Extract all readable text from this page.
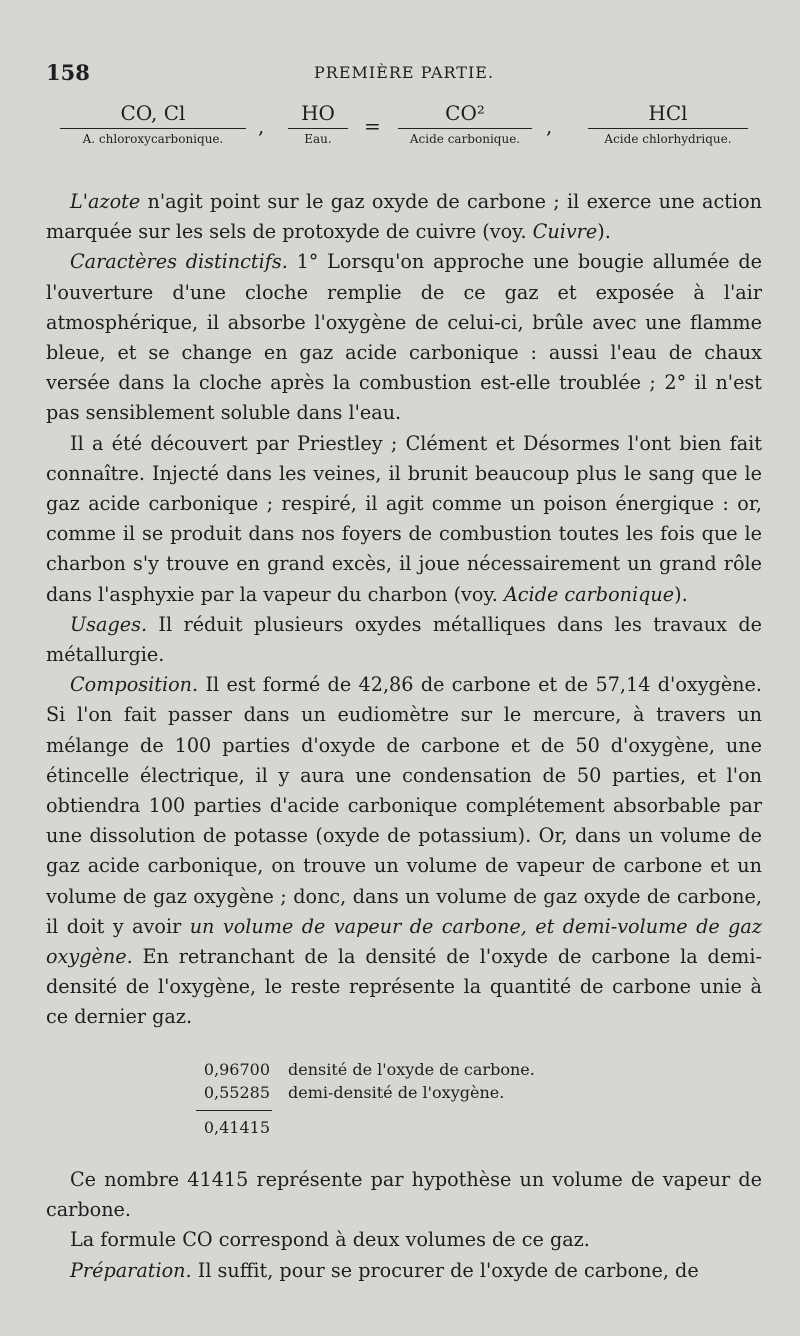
158	PREMIÈRE PARTIE.
CO, Cl
A. chloroxycarbonique.
,
HO
Eau.
=
CO²
Acide carbonique.
,
HCl
Acide chlorhydrique.

L'azote n'agit point sur le gaz oxyde de carbone ; il exerce une action marquée sur les sels de protoxyde de cuivre (voy. Cuivre).

Caractères distinctifs. 1° Lorsqu'on approche une bougie allumée de l'ouverture d'une cloche remplie de ce gaz et exposée à l'air atmosphérique, il absorbe l'oxygène de celui-ci, brûle avec une flamme bleue, et se change en gaz acide carbonique : aussi l'eau de chaux versée dans la cloche après la combustion est-elle troublée ; 2° il n'est pas sensiblement soluble dans l'eau.

Il a été découvert par Priestley ; Clément et Désormes l'ont bien fait connaître. Injecté dans les veines, il brunit beaucoup plus le sang que le gaz acide carbonique ; respiré, il agit comme un poison énergique : or, comme il se produit dans nos foyers de combustion toutes les fois que le charbon s'y trouve en grand excès, il joue nécessairement un grand rôle dans l'asphyxie par la vapeur du charbon (voy. Acide carbonique).

Usages. Il réduit plusieurs oxydes métalliques dans les travaux de métallurgie.

Composition. Il est formé de 42,86 de carbone et de 57,14 d'oxygène. Si l'on fait passer dans un eudiomètre sur le mercure, à travers un mélange de 100 parties d'oxyde de carbone et de 50 d'oxygène, une étincelle électrique, il y aura une condensation de 50 parties, et l'on obtiendra 100 parties d'acide carbonique complétement absorbable par une dissolution de potasse (oxyde de potassium). Or, dans un volume de gaz acide carbonique, on trouve un volume de vapeur de carbone et un volume de gaz oxygène ; donc, dans un volume de gaz oxyde de carbone, il doit y avoir un volume de vapeur de carbone, et demi-volume de gaz oxygène. En retranchant de la densité de l'oxyde de carbone la demi-densité de l'oxygène, le reste représente la quantité de carbone unie à ce dernier gaz.

0,96700 densité de l'oxyde de carbone.
0,55285 demi-densité de l'oxygène.
0,41415

Ce nombre 41415 représente par hypothèse un volume de vapeur de carbone.

La formule CO correspond à deux volumes de ce gaz.

Préparation. Il suffit, pour se procurer de l'oxyde de carbone, de
